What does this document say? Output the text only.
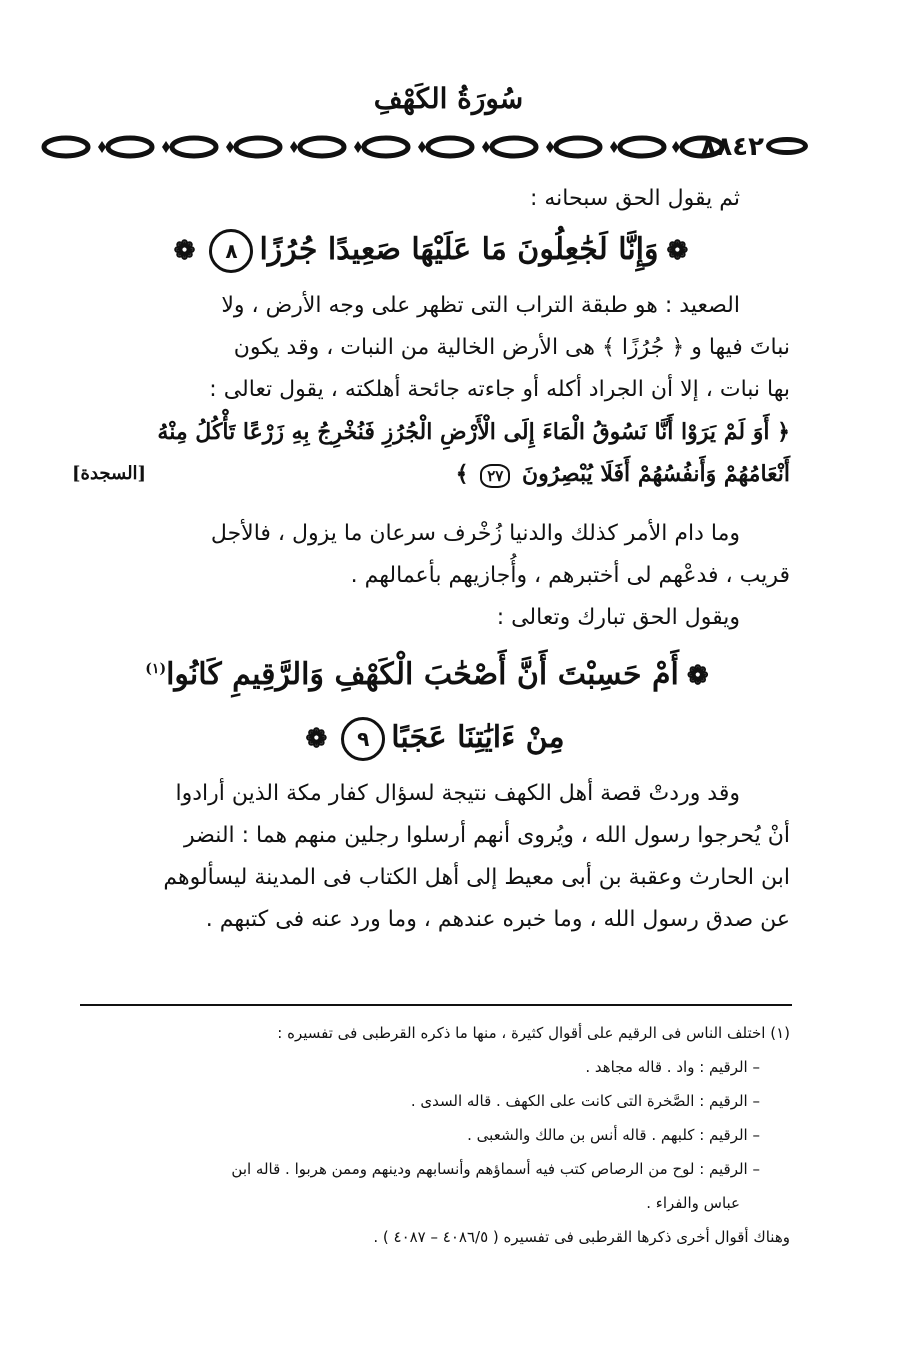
سُورَةُ الكَهْفِ
٨٨٤٢

ثم يقول الحق سبحانه :

❁وَإِنَّا لَجَٰعِلُونَ مَا عَلَيْهَا صَعِيدًا جُرُزًا٨❁

الصعيد : هو طبقة التراب التى تظهر على وجه الأرض ، ولا

نباتَ فيها و ﴿ جُرُزًا ﴾ هى الأرض الخالية من النبات ، وقد يكون

بها نبات ، إلا أن الجراد أكله أو جاءته جائحة أهلكته ، يقول تعالى :

﴿ أَوَ لَمْ يَرَوْا أَنَّا نَسُوقُ الْمَاءَ إِلَى الْأَرْضِ الْجُرُزِ فَنُخْرِجُ بِهِ زَرْعًا تَأْكُلُ مِنْهُ

أَنْعَامُهُمْ وَأَنفُسُهُمْ أَفَلَا يُبْصِرُونَ ٢٧ ﴾
[السجدة]

وما دام الأمر كذلك والدنيا زُخْرف سرعان ما يزول ، فالأجل

قريب ، فدعْهم لى أختبرهم ، وأُجازيهم بأعمالهم .

ويقول الحق تبارك وتعالى :

❁أَمْ حَسِبْتَ أَنَّ أَصْحَٰبَ الْكَهْفِ وَالرَّقِيمِ كَانُوا$^{(١)}$
مِنْ ءَايَٰتِنَا عَجَبًا٩❁

وقد وردتْ قصة أهل الكهف نتيجة لسؤال كفار مكة الذين أرادوا

أنْ يُحرجوا رسول الله ، ويُروى أنهم أرسلوا رجلين منهم هما : النضر

ابن الحارث وعقبة بن أبى معيط إلى أهل الكتاب فى المدينة ليسألوهم

عن صدق رسول الله ، وما خبره عندهم ، وما ورد عنه فى كتبهم .

(١) اختلف الناس فى الرقيم على أقوال كثيرة ، منها ما ذكره القرطبى فى تفسيره :

– الرقيم : واد . قاله مجاهد .

– الرقيم : الصَّخرة التى كانت على الكهف . قاله السدى .

– الرقيم : كلبهم . قاله أنس بن مالك والشعبى .

– الرقيم : لوح من الرصاص كتب فيه أسماؤهم وأنسابهم ودينهم وممن هربوا . قاله ابن

عباس والفراء .

وهناك أقوال أخرى ذكرها القرطبى فى تفسيره ( ٤٠٨٦/٥ – ٤٠٨٧ ) .
